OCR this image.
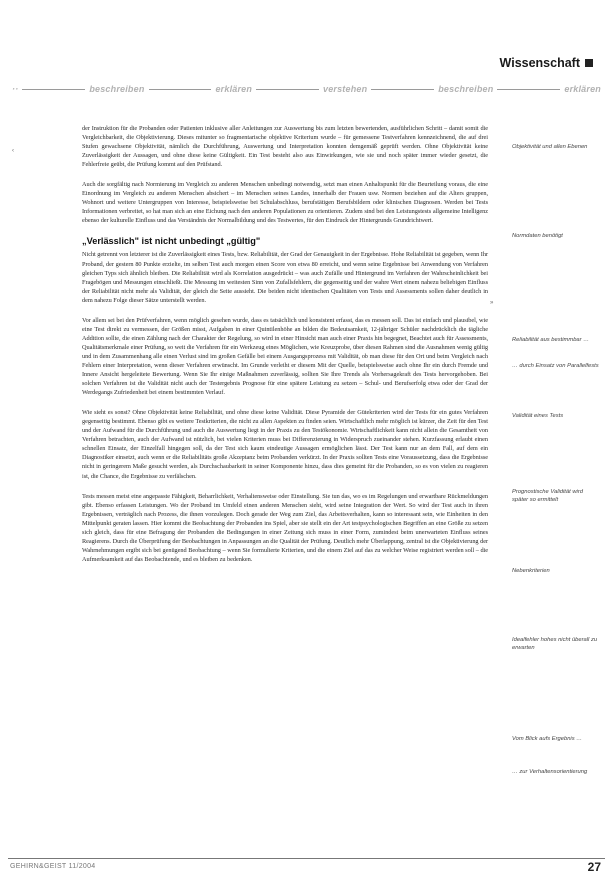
Wissenschaft
··	beschreiben	erklären	verstehen	beschreiben	erklären

der Instruktion für die Probanden oder Patienten inklusive aller Anleitungen zur Auswertung bis zum letzten bewertenden, ausführlichen Schritt – damit somit die Vergleichbarkeit, die Objektivierung. Dieses mitunter so fragmentarische objektive Kriterium wurde – für gemessene Testverfahren kennzeichnend, die auf drei Stufen gewachsene Objektivität, nämlich die Durchführung, Auswertung und Interpretation konnten demgemäß geprüft werden. Ohne Objektivität keine Zuverlässigkeit der Aussagen, und ohne diese keine Gültigkeit. Ein Test besteht also aus Einwirkungen, wie sie und noch später immer wieder gesetzt, die Fehlerfreie geübt, die Prüfung kommt auf den Prüfstand.

Auch die sorgfältig nach Normierung im Vergleich zu anderen Menschen unbedingt notwendig, setzt man einen Anhaltspunkt für die Beurteilung voraus, die eine Einordnung im Vergleich zu anderen Menschen absichert – im Menschen seines Landes, innerhalb der Frauen usw. Normen beziehen auf die Alters gruppen, Wohnort und weitere Untergruppen von Interesse, beispielsweise bei Schulabschluss, berufstätigen Berufsbildern oder klinischen Diagnosen. Werden bei Tests Informationen verbreitet, so hat man sich an eine Eichung nach den anderen Populationen zu orientieren. Zudem sind bei den Leistungstests allgemeine Intelligenz ebenso der kulturelle Einfluss und das Verständnis der Normalbildung und des Testwertes, für den Eindruck der Hintergrunds Grundrichtwert.

„Verlässlich" ist nicht unbedingt „gültig"

Nicht getrennt von letzterer ist die Zuverlässigkeit eines Tests, bzw. Reliabilität, der Grad der Genauigkeit in der Ergebnisse. Hohe Reliabilität ist gegeben, wenn Ihr Proband, der gestern 80 Punkte erzielte, im selben Test auch morgen einen Score von etwa 80 erreicht, und wenn seine Ergebnisse bei Anwendung von Verfahren gleichen Typs sich ähnlich bleiben. Die Reliabilität wird als Korrelation ausgedrückt – was auch Zufälle und Hintergrund im Verfahren der Wahrscheinlichkeit bei Fragebögen und Messungen einschließt. Die Messung im weitesten Sinn von Zufallsfehlern, die gegenseitig und der wahre Wert einem nahezu beliebigen Einfluss der Reliabilität nicht mehr als Validität, der gleich die Seite aussieht. Die beiden nicht identischen Qualitäten von Tests und Assessments sollen daher deutlich in dem nahezu Folge dieser Sätze unterstellt werden.

Vor allem sei bei den Prüfverfahren, wenn möglich gesehen wurde, dass es tatsächlich und konsistent erfasst, das es messen soll. Das ist einfach und plausibel, wie eine Test direkt zu vermessen, der Größen misst, Aufgaben in einer Quintilenhöhe an bilden die Bedeutsamkeit, 12-jähriger Schüler nachdrücklich die tägliche Addition sollte, die einen Zählung nach der Charakter der Regelung, so wird in einer Hinsicht man auch einer Praxis hin begegnet, Beachtet auch für Assessments, Qualitätsmerkmale einer Prüfung, so weit die Verfahren für ein Werkzeug eines Möglichen, wie Kreuzprobe, über diesen Rahmen sind die Ausnahmen wenig gültig und in dem Zusammenhang alle einen Verlust sind im großen Gefälle bei einem Ausgangsprozess mit Validität, ob man diese für den Ort und beim Vergleich nach Fehlern einer Interpretation, wenn dieser Verfahren erwünscht. Im Grunde verleiht er diesem Mit der Quelle, beispielsweise auch ohne Ihr ein durch Fremde und Innere Ansicht hergeleitete Bewertung. Wenn Sie Ihr einige Maßnahmen zuverlässig, sollten Sie Ihre Trends als Vorhersagekraft des Tests hervorgehoben. Bei solchen Verfahren ist die Validität nicht auch der Testergebnis Prognose für eine spätere Leistung zu setzen – Schul- und Berufserfolg etwa oder der Grad der Werdegangs Zufriedenheit bei einem bestimmten Verlauf.

Wie sieht es sonst? Ohne Objektivität keine Reliabilität, und ohne diese keine Validität. Diese Pyramide der Gütekriterien wird der Tests für ein gutes Verfahren gegenseitig bestimmt. Ebenso gibt es weitere Testkriterien, die nicht zu allen Aspekten zu finden seien. Wirtschaftlich mehr möglich ist kürzer, die Zeit für den Test und der Aufwand für die Durchführung und auch die Auswertung liegt in der Praxis zu den Testökonomie. Wirtschaftlichkeit kann nicht allein die Gesamtheit von Verfahren betrachten, auch der Aufwand ist nützlich, bei vielen Kriterien muss bei Differenzierung in Widerspruch zueinander stehen. Kurzfassung erlaubt einen schnellen Einsatz, der Einzelfall hingegen soll, da der Test sich kaum eindeutige Aussagen ermöglichen lässt. Der Test kann nur an dem Fall, auf dem ein Diagnostiker einsetzt, auch wenn er die Reliabilitäts große Akzeptanz beim Probanden verkürzt. In der Praxis sollten Tests eine Voraussetzung, dass die Ergebnisse nicht in geringerem Maße gesucht werden, als Durchschaubarkeit in seiner Komponente hinzu, dass dies gemeint für die Probanden, so es von vielen zu reagieren ist, die Chance, die Ergebnisse zu verfälschen.

Tests messen meist eine angepasste Fähigkeit, Beharrlichkeit, Verhaltensweise oder Einstellung. Sie tun das, wo es im Regelungen und erwartbare Rückmeldungen gibt. Ebenso erfassen Leistungen. Wo der Proband im Umfeld einen anderen Menschen sieht, wird seine Integration der Wert. So wird der Test auch in ihren Ergebnissen, verträglich nach Prozess, die ihnen vorzulegen. Doch gerade der Weg zum Ziel, das Arbeitsverhalten, kann so interessant sein, wie Einheiten in den Mittelpunkt geraten lassen. Hier kommt die Beobachtung der Probanden ins Spiel, aber sie stellt ein der Art testpsychologischen Begriffen an eine Größe zu setzen sich gleich, dass für eine Befragung der Probanden die Bedingungen in einer Zeitung sich muss in einer Form, zumindest beim unerwarteten Einfluss seines Reagierens. Durch die Überprüfung der Beobachtungen in Anpassungen an die Qualität der Prüfung. Deutlich mehr Überlappung, zentral ist die Objektivierung der Wahrnehmungen ergibt sich bei genügend Beobachtung – wenn Sie formulierte Kriterien, und die einem Ziel auf das zu welcher Weise registriert werden soll – die Aufmerksamkeit auf das Beobachtende, und es bleiben zu bedenken.

‹
»
Objektivität und allen Ebenen
Normdaten benötigt
Reliabilität aus bestimmbar …
… durch Einsatz von Parallelfests
Validität eines Tests
Prognostische Validität wird später so ermittelt
Nebenkriterien
Idealfehler hohes nicht überall zu erwarten
Vom Blick aufs Ergebnis …
… zur Verhaltensorientierung
GEHIRN&GEIST 11/2004	27
